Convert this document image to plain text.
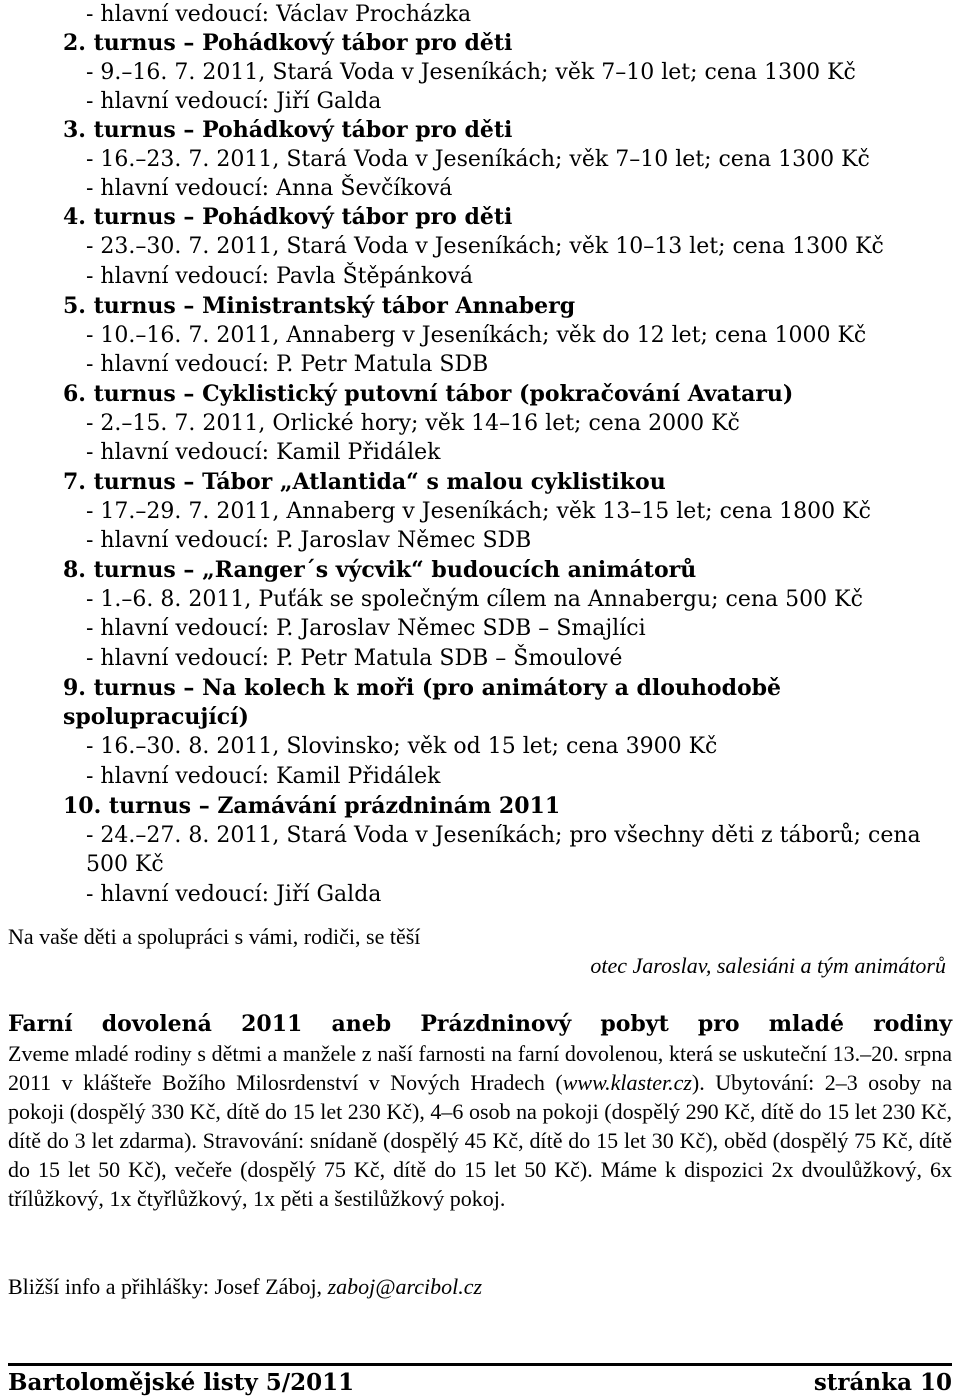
- hlavní vedoucí: Václav Procházka
2. turnus – Pohádkový tábor pro děti
- 9.–16. 7. 2011, Stará Voda v Jeseníkách; věk 7–10 let; cena 1300 Kč
- hlavní vedoucí: Jiří Galda
3. turnus – Pohádkový tábor pro děti
- 16.–23. 7. 2011, Stará Voda v Jeseníkách; věk 7–10 let; cena 1300 Kč
- hlavní vedoucí: Anna Ševčíková
4. turnus – Pohádkový tábor pro děti
- 23.–30. 7. 2011, Stará Voda v Jeseníkách; věk 10–13 let; cena 1300 Kč
- hlavní vedoucí: Pavla Štěpánková
5. turnus – Ministrantský tábor Annaberg
- 10.–16. 7. 2011, Annaberg v Jeseníkách; věk do 12 let; cena 1000 Kč
- hlavní vedoucí: P. Petr Matula SDB
6. turnus – Cyklistický putovní tábor (pokračování Avataru)
- 2.–15. 7. 2011, Orlické hory; věk 14–16 let; cena 2000 Kč
- hlavní vedoucí: Kamil Přidálek
7. turnus – Tábor „Atlantida“ s malou cyklistikou
- 17.–29. 7. 2011, Annaberg v Jeseníkách; věk 13–15 let; cena 1800 Kč
- hlavní vedoucí: P. Jaroslav Němec SDB
8. turnus – „Ranger´s výcvik“ budoucích animátorů
- 1.–6. 8. 2011, Puťák se společným cílem na Annabergu; cena 500 Kč
- hlavní vedoucí: P. Jaroslav Němec SDB – Smajlíci
- hlavní vedoucí: P. Petr Matula SDB – Šmoulové
9. turnus – Na kolech k moři (pro animátory a dlouhodobě
spolupracující)
- 16.–30. 8. 2011, Slovinsko; věk od 15 let; cena 3900 Kč
- hlavní vedoucí: Kamil Přidálek
10. turnus – Zamávání prázdninám 2011
- 24.–27. 8. 2011, Stará Voda v Jeseníkách; pro všechny děti z táborů; cena
500 Kč
- hlavní vedoucí: Jiří Galda
Na vaše děti a spolupráci s vámi, rodiči, se těší
otec Jaroslav, salesiáni a tým animátorů
Farní dovolená 2011 aneb Prázdninový pobyt pro mladé rodiny
Zveme mladé rodiny s dětmi a manžele z naší farnosti na farní dovolenou, která se uskuteční 13.–20. srpna 2011 v klášteře Božího Milosrdenství v Nových Hradech (www.klaster.cz). Ubytování: 2–3 osoby na pokoji (dospělý 330 Kč, dítě do 15 let 230 Kč), 4–6 osob na pokoji (dospělý 290 Kč, dítě do 15 let 230 Kč, dítě do 3 let zdarma). Stravování: snídaně (dospělý 45 Kč, dítě do 15 let 30 Kč), oběd (dospělý 75 Kč, dítě do 15 let 50 Kč), večeře (dospělý 75 Kč, dítě do 15 let 50 Kč). Máme k dispozici 2x dvoulůžkový, 6x třílůžkový, 1x čtyřlůžkový, 1x pěti a šestilůžkový pokoj.
Bližší info a přihlášky: Josef Záboj, zaboj@arcibol.cz
Bartolomějské listy 5/2011	stránka 10
